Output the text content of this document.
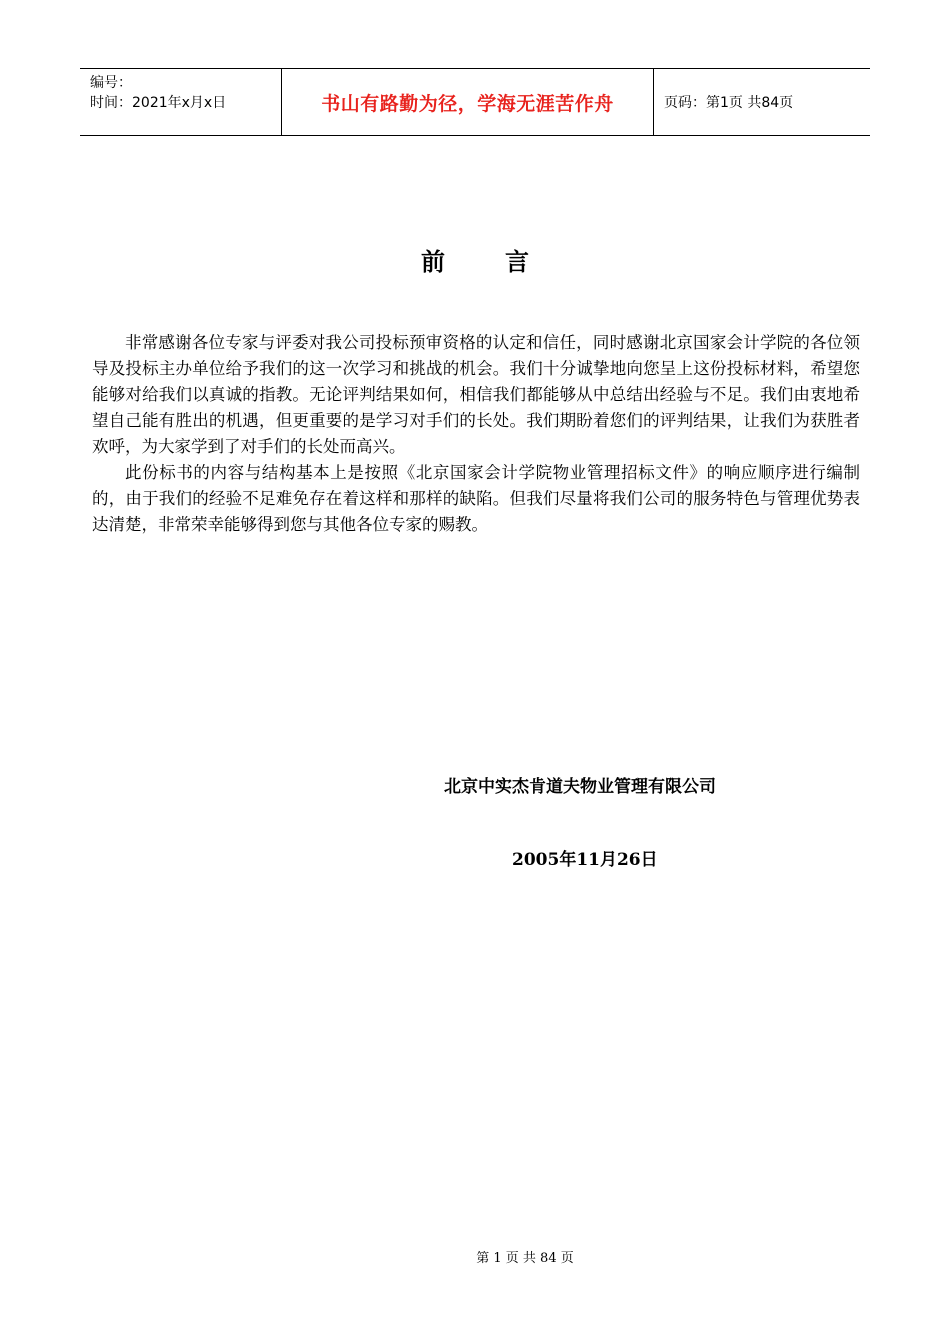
编号：
时间：2021年x月x日	书山有路勤为径，学海无涯苦作舟	页码：第1页 共84页
前言

非常感谢各位专家与评委对我公司投标预审资格的认定和信任，同时感谢北京国家会计学院的各位领导及投标主办单位给予我们的这一次学习和挑战的机会。我们十分诚挚地向您呈上这份投标材料，希望您能够对给我们以真诚的指教。无论评判结果如何，相信我们都能够从中总结出经验与不足。我们由衷地希望自己能有胜出的机遇，但更重要的是学习对手们的长处。我们期盼着您们的评判结果，让我们为获胜者欢呼，为大家学到了对手们的长处而高兴。

此份标书的内容与结构基本上是按照《北京国家会计学院物业管理招标文件》的响应顺序进行编制的，由于我们的经验不足难免存在着这样和那样的缺陷。但我们尽量将我们公司的服务特色与管理优势表达清楚，非常荣幸能够得到您与其他各位专家的赐教。

北京中实杰肯道夫物业管理有限公司
2005年11月26日
第 1 页 共 84 页
